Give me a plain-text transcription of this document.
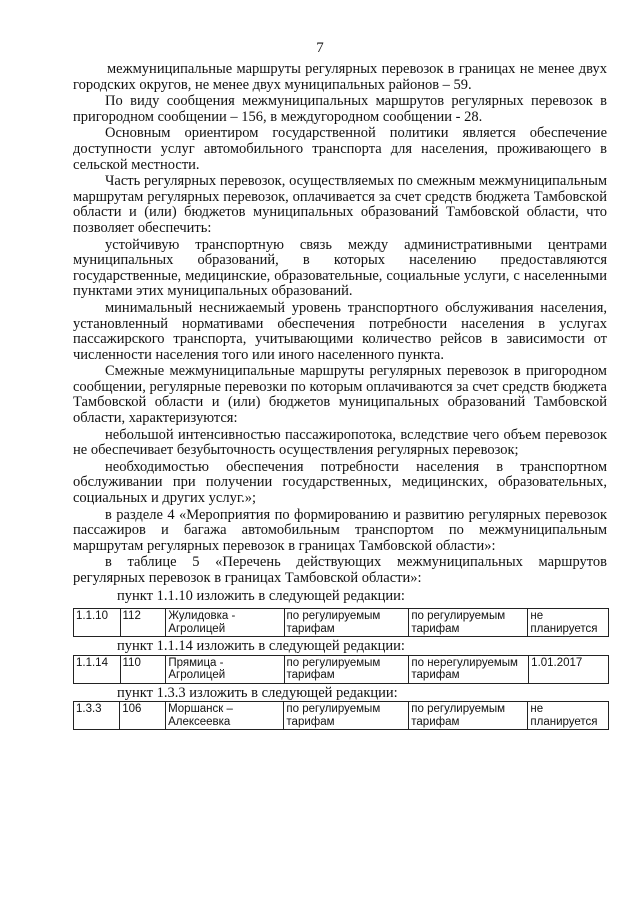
7

межмуниципальные маршруты регулярных перевозок в границах не менее двух городских округов, не менее двух муниципальных районов – 59.

По виду сообщения межмуниципальных маршрутов регулярных перевозок в пригородном сообщении – 156, в междугородном сообщении - 28.

Основным ориентиром государственной политики является обеспечение доступности услуг автомобильного транспорта для населения, проживающего в сельской местности.

Часть регулярных перевозок, осуществляемых по смежным межмуниципальным маршрутам регулярных перевозок, оплачивается за счет средств бюджета Тамбовской области и (или) бюджетов муниципальных образований Тамбовской области, что позволяет обеспечить:

устойчивую транспортную связь между административными центрами муниципальных образований, в которых населению предоставляются государственные, медицинские, образовательные, социальные услуги, с населенными пунктами этих муниципальных образований.

минимальный неснижаемый уровень транспортного обслуживания населения, установленный нормативами обеспечения потребности населения в услугах пассажирского транспорта, учитывающими количество рейсов в зависимости от численности населения того или иного населенного пункта.

Смежные межмуниципальные маршруты регулярных перевозок в пригородном сообщении, регулярные перевозки по которым оплачиваются за счет средств бюджета Тамбовской области и (или) бюджетов муниципальных образований Тамбовской области, характеризуются:

небольшой интенсивностью пассажиропотока, вследствие чего объем перевозок не обеспечивает безубыточность осуществления регулярных перевозок;

необходимостью обеспечения потребности населения в транспортном обслуживании при получении государственных, медицинских, образовательных, социальных и других услуг.»;

в разделе 4 «Мероприятия по формированию и развитию регулярных перевозок пассажиров и багажа автомобильным транспортом по межмуниципальным маршрутам регулярных перевозок в границах Тамбовской области»:

в таблице 5 «Перечень действующих межмуниципальных маршрутов регулярных перевозок в границах Тамбовской области»:

пункт 1.1.10 изложить в следующей редакции:

1.1.10	112	Жулидовка - Агролицей	по регулируемым тарифам	по регулируемым тарифам	не планируется

пункт 1.1.14 изложить в следующей редакции:

1.1.14	110	Прямица - Агролицей	по регулируемым тарифам	по нерегулируемым тарифам	1.01.2017

пункт 1.3.3 изложить в следующей редакции:

1.3.3	106	Моршанск – Алексеевка	по регулируемым тарифам	по регулируемым тарифам	не планируется
